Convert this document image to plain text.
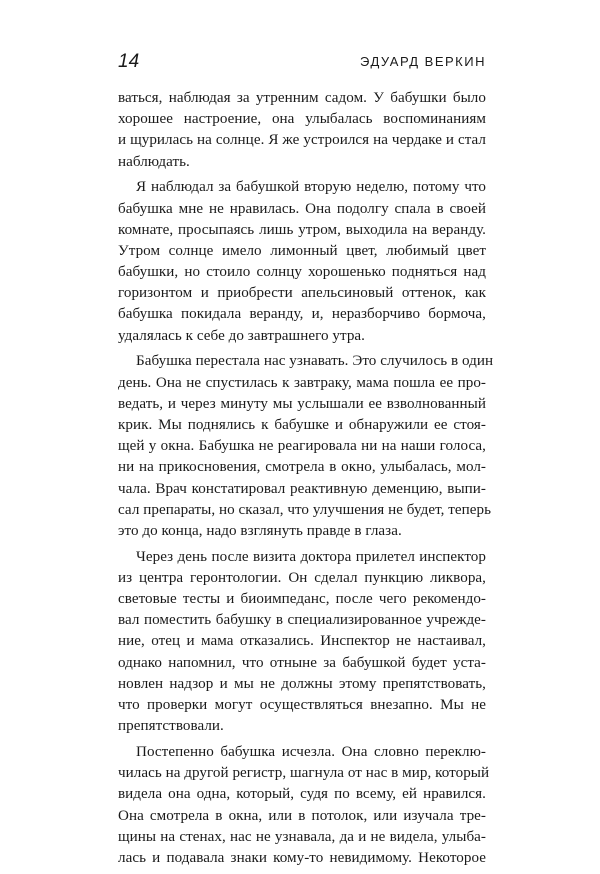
14	ЭДУАРД ВЕРКИН
ваться, наблюдая за утренним садом. У бабушки было
хорошее настроение, она улыбалась воспоминаниям
и щурилась на солнце. Я же устроился на чердаке и стал
наблюдать.
Я наблюдал за бабушкой вторую неделю, потому что
бабушка мне не нравилась. Она подолгу спала в своей
комнате, просыпаясь лишь утром, выходила на веранду.
Утром солнце имело лимонный цвет, любимый цвет
бабушки, но стоило солнцу хорошенько подняться над
горизонтом и приобрести апельсиновый оттенок, как
бабушка покидала веранду, и, неразборчиво бормоча,
удалялась к себе до завтрашнего утра.
Бабушка перестала нас узнавать. Это случилось в один
день. Она не спустилась к завтраку, мама пошла ее про-
ведать, и через минуту мы услышали ее взволнованный
крик. Мы поднялись к бабушке и обнаружили ее стоя-
щей у окна. Бабушка не реагировала ни на наши голоса,
ни на прикосновения, смотрела в окно, улыбалась, мол-
чала. Врач констатировал реактивную деменцию, выпи-
сал препараты, но сказал, что улучшения не будет, теперь
это до конца, надо взглянуть правде в глаза.
Через день после визита доктора прилетел инспектор
из центра геронтологии. Он сделал пункцию ликвора,
световые тесты и биоимпеданс, после чего рекомендо-
вал поместить бабушку в специализированное учрежде-
ние, отец и мама отказались. Инспектор не настаивал,
однако напомнил, что отныне за бабушкой будет уста-
новлен надзор и мы не должны этому препятствовать,
что проверки могут осуществляться внезапно. Мы не
препятствовали.
Постепенно бабушка исчезла. Она словно переклю-
чилась на другой регистр, шагнула от нас в мир, который
видела она одна, который, судя по всему, ей нравился.
Она смотрела в окна, или в потолок, или изучала тре-
щины на стенах, нас не узнавала, да и не видела, улыба-
лась и подавала знаки кому-то невидимому. Некоторое
